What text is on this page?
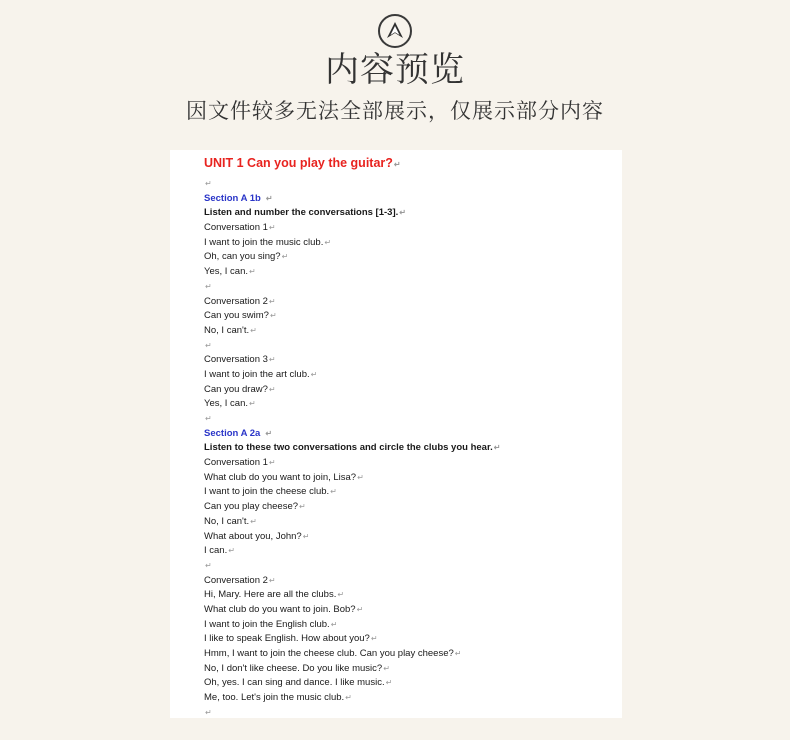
内容预览
因文件较多无法全部展示，仅展示部分内容
UNIT 1 Can you play the guitar?↵
↵
Section A 1b ↵
Listen and number the conversations [1-3].↵
Conversation 1↵
I want to join the music club.↵
Oh, can you sing?↵
Yes, I can.↵
↵
Conversation 2↵
Can you swim?↵
No, I can't.↵
↵
Conversation 3↵
I want to join the art club.↵
Can you draw?↵
Yes, I can.↵
↵
Section A 2a ↵
Listen to these two conversations and circle the clubs you hear.↵
Conversation 1↵
What club do you want to join, Lisa?↵
I want to join the cheese club.↵
Can you play cheese?↵
No, I can't.↵
What about you, John?↵
I can.↵
↵
Conversation 2↵
Hi, Mary. Here are all the clubs.↵
What club do you want to join. Bob?↵
I want to join the English club.↵
I like to speak English. How about you?↵
Hmm, I want to join the cheese club. Can you play cheese?↵
No, I don't like cheese. Do you like music?↵
Oh, yes. I can sing and dance. I like music.↵
Me, too. Let's join the music club.↵
↵
